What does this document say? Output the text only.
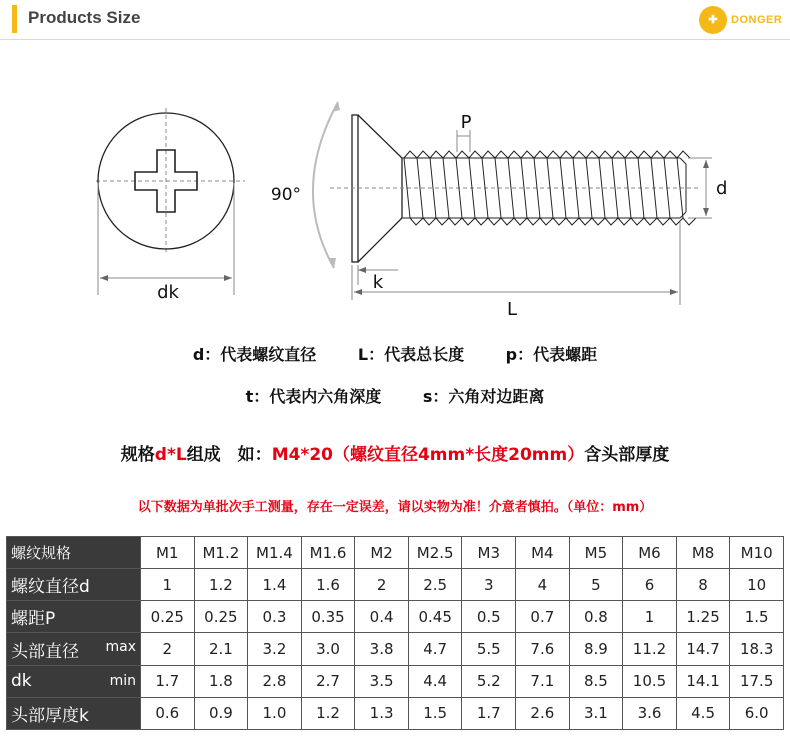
Products Size	✚	DONGER
dk
90°
P
d
k
L
d：代表螺纹直径	L：代表总长度	p：代表螺距
t：代表内六角深度	s：六角对边距离
规格d*L组成　如：M4*20（螺纹直径4mm*长度20mm）含头部厚度
以下数据为单批次手工测量，存在一定误差，请以实物为准！介意者慎拍。（单位：mm）
螺纹规格	M1	M1.2	M1.4	M1.6	M2	M2.5	M3	M4	M5	M6	M8	M10
螺纹直径d	1	1.2	1.4	1.6	2	2.5	3	4	5	6	8	10
螺距P	0.25	0.25	0.3	0.35	0.4	0.45	0.5	0.7	0.8	1	1.25	1.5
头部直径 max	2	2.1	3.2	3.0	3.8	4.7	5.5	7.6	8.9	11.2	14.7	18.3
dk min	1.7	1.8	2.8	2.7	3.5	4.4	5.2	7.1	8.5	10.5	14.1	17.5
头部厚度k	0.6	0.9	1.0	1.2	1.3	1.5	1.7	2.6	3.1	3.6	4.5	6.0
